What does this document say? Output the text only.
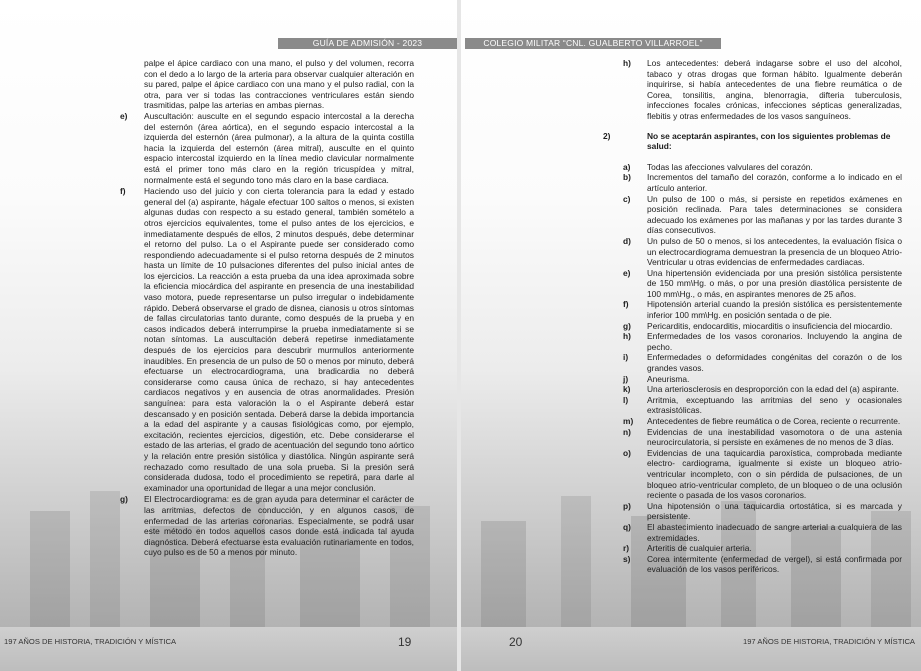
GUÍA DE ADMISIÓN - 2023

palpe el ápice cardiaco con una mano, el pulso y del volumen, recorra con el dedo a lo largo de la arteria para observar cualquier alteración en su pared, palpe el ápice cardiaco con una mano y el pulso radial, con la otra, para ver si todas las contracciones ventriculares están siendo trasmitidas, palpe las arterias en ambas piernas.

e) Auscultación: ausculte en el segundo espacio intercostal a la derecha del esternón (área aórtica), en el segundo espacio intercostal a la izquierda del esternón (área pulmonar), a la altura de la quinta costilla hacia la izquierda del esternón (área mitral), ausculte en el quinto espacio intercostal izquierdo en la línea medio clavicular normalmente está el primer tono más claro en la región tricuspídea y mitral, normalmente está el segundo tono más claro en la base cardiaca.
f) Haciendo uso del juicio y con cierta tolerancia para la edad y estado general del (a) aspirante, hágale efectuar 100 saltos o menos, si existen algunas dudas con respecto a su estado general, también somételo a otros ejercicios equivalentes, tome el pulso antes de los ejercicios, e inmediatamente después de ellos, 2 minutos después, debe determinar el retorno del pulso. La o el Aspirante puede ser considerado como respondiendo adecuadamente si el pulso retorna después de 2 minutos hasta un límite de 10 pulsaciones diferentes del pulso inicial antes de los ejercicios. La reacción a esta prueba da una idea aproximada sobre la eficiencia miocárdica del aspirante en presencia de una inestabilidad vaso motora, puede representarse un pulso irregular o indebidamente rápido. Deberá observarse el grado de disnea, cianosis u otros síntomas de fallas circulatorias tanto durante, como después de la prueba y en casos indicados deberá interrumpirse la prueba inmediatamente si se notan síntomas. La auscultación deberá repetirse inmediatamente después de los ejercicios para descubrir murmullos anteriormente inaudibles. En presencia de un pulso de 50 o menos por minuto, deberá efectuarse un electrocardiograma, una bradicardia no deberá considerarse como causa única de rechazo, si hay antecedentes cardiacos negativos y en ausencia de otras anormalidades. Presión sanguínea: para esta valoración la o el Aspirante deberá estar descansado y en posición sentada. Deberá darse la debida importancia a la edad del aspirante y a causas fisiológicas como, por ejemplo, excitación, recientes ejercicios, digestión, etc. Debe considerarse el estado de las arterias, el grado de acentuación del segundo tono aórtico y la relación entre presión sistólica y diastólica. Ningún aspirante será rechazado como resultado de una sola prueba. Si la presión será considerada dudosa, todo el procedimiento se repetirá, para darle al examinador una oportunidad de llegar a una mejor conclusión.
g) El Electrocardiograma: es de gran ayuda para determinar el carácter de las arritmias, defectos de conducción, y en algunos casos, de enfermedad de las arterias coronarias. Especialmente, se podrá usar este método en todos aquellos casos donde está indicada tal ayuda diagnóstica. Deberá efectuarse esta evaluación rutinariamente en todos, cuyo pulso es de 50 a menos por minuto.
197 AÑOS DE HISTORIA, TRADICIÓN Y MÍSTICA	19
COLEGIO MILITAR “CNL. GUALBERTO VILLARROEL”
h) Los antecedentes: deberá indagarse sobre el uso del alcohol, tabaco y otras drogas que forman hábito. Igualmente deberán inquirirse, si había antecedentes de una fiebre reumática o de Corea, tonsilitis, angina, blenorragia, difteria tuberculosis, infecciones focales crónicas, infecciones sépticas generalizadas, flebitis y otras enfermedades de los vasos sanguíneos.
2)	No se aceptarán aspirantes, con los siguientes problemas de salud:
a) Todas las afecciones valvulares del corazón.
b) Incrementos del tamaño del corazón, conforme a lo indicado en el artículo anterior.
c) Un pulso de 100 o más, si persiste en repetidos exámenes en posición reclinada. Para tales determinaciones se considera adecuado los exámenes por las mañanas y por las tardes durante 3 días consecutivos.
d) Un pulso de 50 o menos, si los antecedentes, la evaluación física o un electrocardiograma demuestran la presencia de un bloqueo Atrio-Ventricular u otras evidencias de enfermedades cardiacas.
e) Una hipertensión evidenciada por una presión sistólica persistente de 150 mm\Hg. o más, o por una presión diastólica persistente de 100 mm\Hg., o más, en aspirantes menores de 25 años.
f) Hipotensión arterial cuando la presión sistólica es persistentemente inferior 100 mm\Hg. en posición sentada o de pie.
g) Pericarditis, endocarditis, miocarditis o insuficiencia del miocardio.
h) Enfermedades de los vasos coronarios. Incluyendo la angina de pecho.
i) Enfermedades o deformidades congénitas del corazón o de los grandes vasos.
j) Aneurisma.
k) Una arteriosclerosis en desproporción con la edad del (a) aspirante.
l) Arritmia, exceptuando las arritmias del seno y ocasionales extrasistólicas.
m) Antecedentes de fiebre reumática o de Corea, reciente o recurrente.
n) Evidencias de una inestabilidad vasomotora o de una astenia neurocirculatoria, si persiste en exámenes de no menos de 3 días.
o) Evidencias de una taquicardia paroxística, comprobada mediante electro- cardiograma, igualmente si existe un bloqueo atrio-ventricular incompleto, con o sin pérdida de pulsaciones, de un bloqueo atrio-ventricular completo, de un bloqueo o de una oclusión reciente o pasada de los vasos coronarios.
p) Una hipotensión o una taquicardia ortostática, si es marcada y persistente.
q) El abastecimiento inadecuado de sangre arterial a cualquiera de las extremidades.
r) Arteritis de cualquier arteria.
s) Corea intermitente (enfermedad de vergel), si está confirmada por evaluación de los vasos periféricos.
20	197 AÑOS DE HISTORIA, TRADICIÓN Y MÍSTICA
